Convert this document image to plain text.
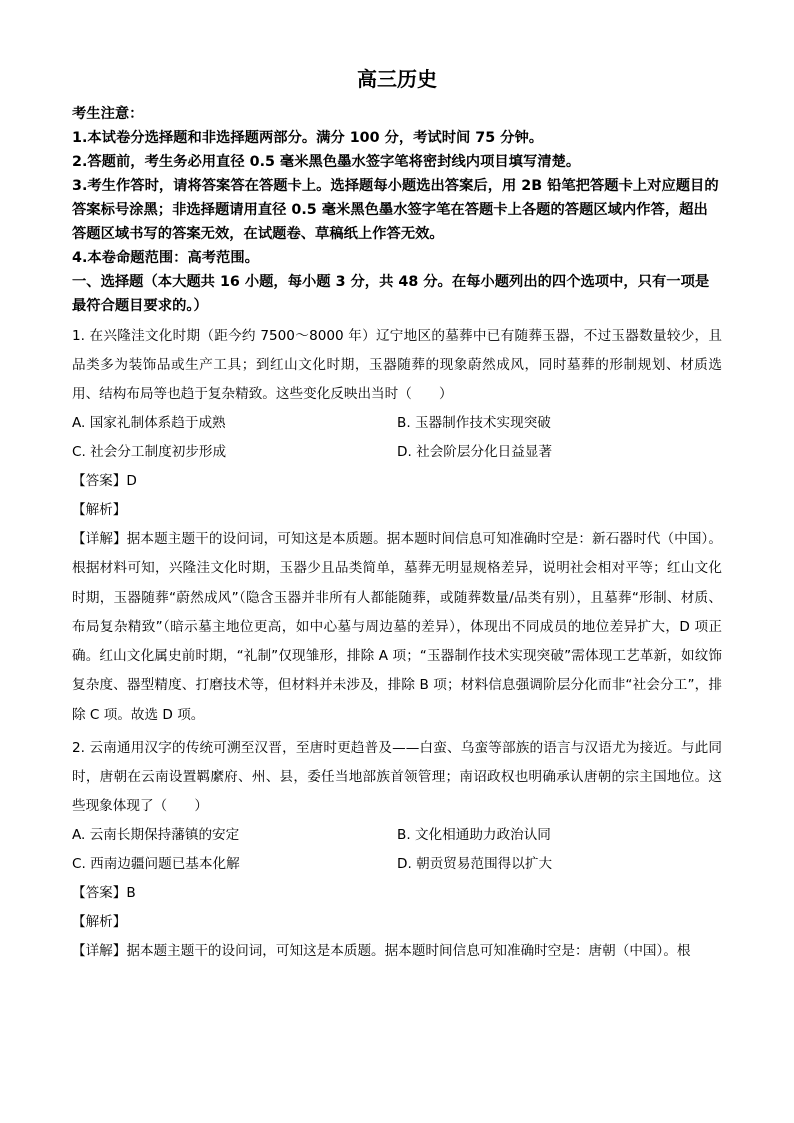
高三历史

考生注意：

1.本试卷分选择题和非选择题两部分。满分 100 分，考试时间 75 分钟。

2.答题前，考生务必用直径 0.5 毫米黑色墨水签字笔将密封线内项目填写清楚。

3.考生作答时，请将答案答在答题卡上。选择题每小题选出答案后，用 2B 铅笔把答题卡上对应题目的答案标号涂黑；非选择题请用直径 0.5 毫米黑色墨水签字笔在答题卡上各题的答题区域内作答，超出答题区域书写的答案无效，在试题卷、草稿纸上作答无效。

4.本卷命题范围：高考范围。

一、选择题（本大题共 16 小题，每小题 3 分，共 48 分。在每小题列出的四个选项中，只有一项是最符合题目要求的。）

1. 在兴隆洼文化时期（距今约 7500～8000 年）辽宁地区的墓葬中已有随葬玉器，不过玉器数量较少，且品类多为装饰品或生产工具；到红山文化时期，玉器随葬的现象蔚然成风，同时墓葬的形制规划、材质选用、结构布局等也趋于复杂精致。这些变化反映出当时（　　）

A. 国家礼制体系趋于成熟	B. 玉器制作技术实现突破
C. 社会分工制度初步形成	D. 社会阶层分化日益显著

【答案】D

【解析】

【详解】据本题主题干的设问词，可知这是本质题。据本题时间信息可知准确时空是：新石器时代（中国）。根据材料可知，兴隆洼文化时期，玉器少且品类简单，墓葬无明显规格差异，说明社会相对平等；红山文化时期，玉器随葬“蔚然成风”（隐含玉器并非所有人都能随葬，或随葬数量/品类有别），且墓葬“形制、材质、布局复杂精致”（暗示墓主地位更高，如中心墓与周边墓的差异），体现出不同成员的地位差异扩大，D 项正确。红山文化属史前时期，“礼制”仅现雏形，排除 A 项；“玉器制作技术实现突破”需体现工艺革新，如纹饰复杂度、器型精度、打磨技术等，但材料并未涉及，排除 B 项；材料信息强调阶层分化而非“社会分工”，排除 C 项。故选 D 项。

2. 云南通用汉字的传统可溯至汉晋，至唐时更趋普及——白蛮、乌蛮等部族的语言与汉语尤为接近。与此同时，唐朝在云南设置羁縻府、州、县，委任当地部族首领管理；南诏政权也明确承认唐朝的宗主国地位。这些现象体现了（　　）

A. 云南长期保持藩镇的安定	B. 文化相通助力政治认同
C. 西南边疆问题已基本化解	D. 朝贡贸易范围得以扩大

【答案】B

【解析】

【详解】据本题主题干的设问词，可知这是本质题。据本题时间信息可知准确时空是：唐朝（中国）。根
